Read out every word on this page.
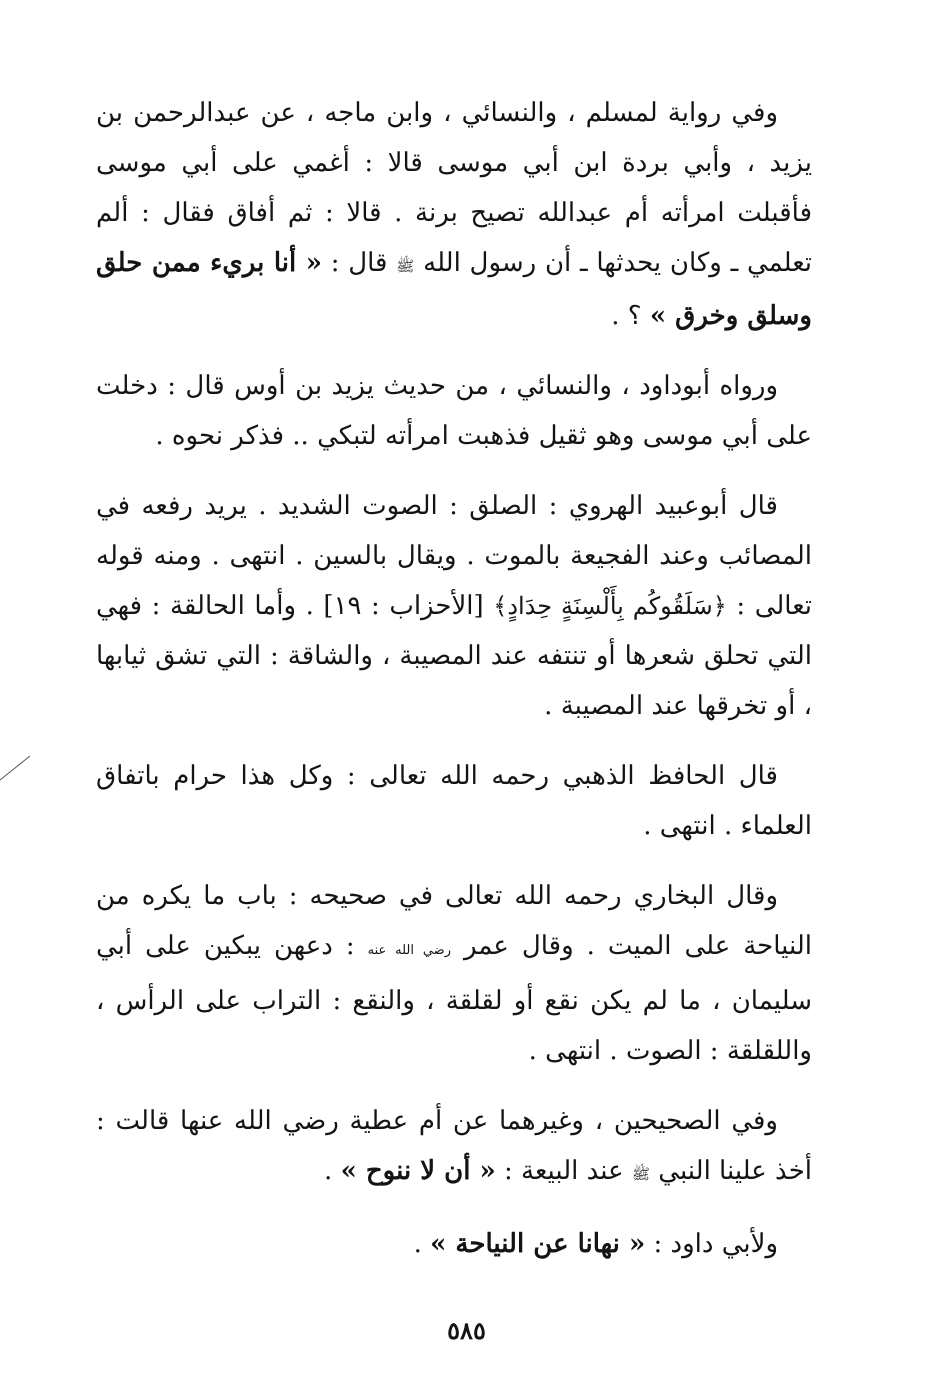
وفي رواية لمسلم ، والنسائي ، وابن ماجه ، عن عبدالرحمن بن يزيد ، وأبي بردة ابن أبي موسى قالا : أغمي على أبي موسى فأقبلت امرأته أم عبدالله تصيح برنة . قالا : ثم أفاق فقال : ألم تعلمي ـ وكان يحدثها ـ أن رسول الله ﷺ قال : « أنا بريء ممن حلق وسلق وخرق » ؟ .

ورواه أبوداود ، والنسائي ، من حديث يزيد بن أوس قال : دخلت على أبي موسى وهو ثقيل فذهبت امرأته لتبكي .. فذكر نحوه .

قال أبوعبيد الهروي : الصلق : الصوت الشديد . يريد رفعه في المصائب وعند الفجيعة بالموت . ويقال بالسين . انتهى . ومنه قوله تعالى : ﴿سَلَقُوكُم بِأَلْسِنَةٍ حِدَادٍ﴾ [الأحزاب : ١٩] . وأما الحالقة : فهي التي تحلق شعرها أو تنتفه عند المصيبة ، والشاقة : التي تشق ثيابها ، أو تخرقها عند المصيبة .

قال الحافظ الذهبي رحمه الله تعالى : وكل هذا حرام باتفاق العلماء . انتهى .

وقال البخاري رحمه الله تعالى في صحيحه : باب ما يكره من النياحة على الميت . وقال عمر رضي الله عنه : دعهن يبكين على أبي سليمان ، ما لم يكن نقع أو لقلقة ، والنقع : التراب على الرأس ، واللقلقة : الصوت . انتهى .

وفي الصحيحين ، وغيرهما عن أم عطية رضي الله عنها قالت : أخذ علينا النبي ﷺ عند البيعة : « أن لا ننوح » .

ولأبي داود : « نهانا عن النياحة » .

٥٨٥
